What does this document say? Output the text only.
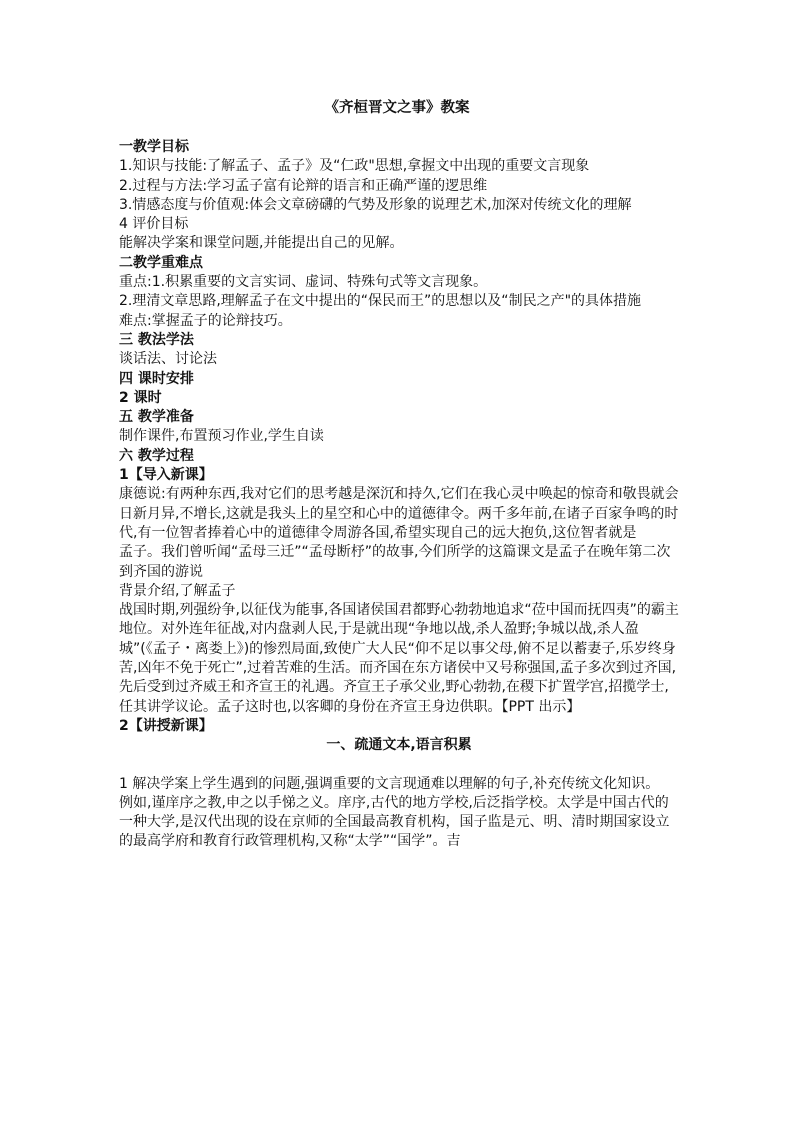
《齐桓晋文之事》教案

一教学目标

1.知识与技能:了解孟子、孟子》及“仁政"思想,拿握文中出现的重要文言现象

2.过程与方法:学习孟子富有论辩的语言和正确严谨的逻思维

3.情感态度与价值观:体会文章磅礴的气势及形象的说理艺术,加深对传统文化的理解

4 评价目标

能解决学案和课堂问题,并能提出自己的见解。

二教学重难点

重点:1.积累重要的文言实词、虚词、特殊句式等文言现象。

2.理清文章思路,理解孟子在文中提出的“保民而王”的思想以及“制民之产"的具体措施

难点:掌握孟子的论辩技巧。

三 教法学法

谈话法、讨论法

四 课时安排

2 课时

五 教学准备

制作课件,布置预习作业,学生自读

六 教学过程

1【导入新课】

康德说:有两种东西,我对它们的思考越是深沉和持久,它们在我心灵中唤起的惊奇和敬畏就会日新月异,不增长,这就是我头上的星空和心中的道德律令。两千多年前,在诸子百家争鸣的时代,有一位智者捧着心中的道德律令周游各国,希望实现自己的远大抱负,这位智者就是

孟子。我们曾听闻“孟母三迁”“孟母断杼”的故事,今们所学的这篇课文是孟子在晚年第二次到齐国的游说

背景介绍,了解孟子

战国时期,列强纷争,以征伐为能事,各国诸侯国君都野心勃勃地追求“莅中国而抚四夷”的霸主地位。对外连年征战,对内盘剥人民,于是就出现“争地以战,杀人盈野;争城以战,杀人盈城”(《孟子・离娄上》)的惨烈局面,致使广大人民“仰不足以事父母,俯不足以蓄妻子,乐岁终身苦,凶年不免于死亡”,过着苦难的生活。而齐国在东方诸侯中又号称强国,孟子多次到过齐国,先后受到过齐威王和齐宣王的礼遇。齐宣王子承父业,野心勃勃,在稷下扩置学宫,招揽学士,任其讲学议论。孟子这时也,以客卿的身份在齐宣王身边供职。【PPT 出示】

2【讲授新课】

一、疏通文本,语言积累

1 解决学案上学生遇到的问题,强调重要的文言现通难以理解的句子,补充传统文化知识。

例如,谨庠序之教,申之以手悌之义。庠序,古代的地方学校,后泛指学校。太学是中国古代的一种大学,是汉代出现的设在京师的全国最高教育机构，国子监是元、明、清时期国家设立的最高学府和教育行政管理机构,又称“太学”“国学”。吉
